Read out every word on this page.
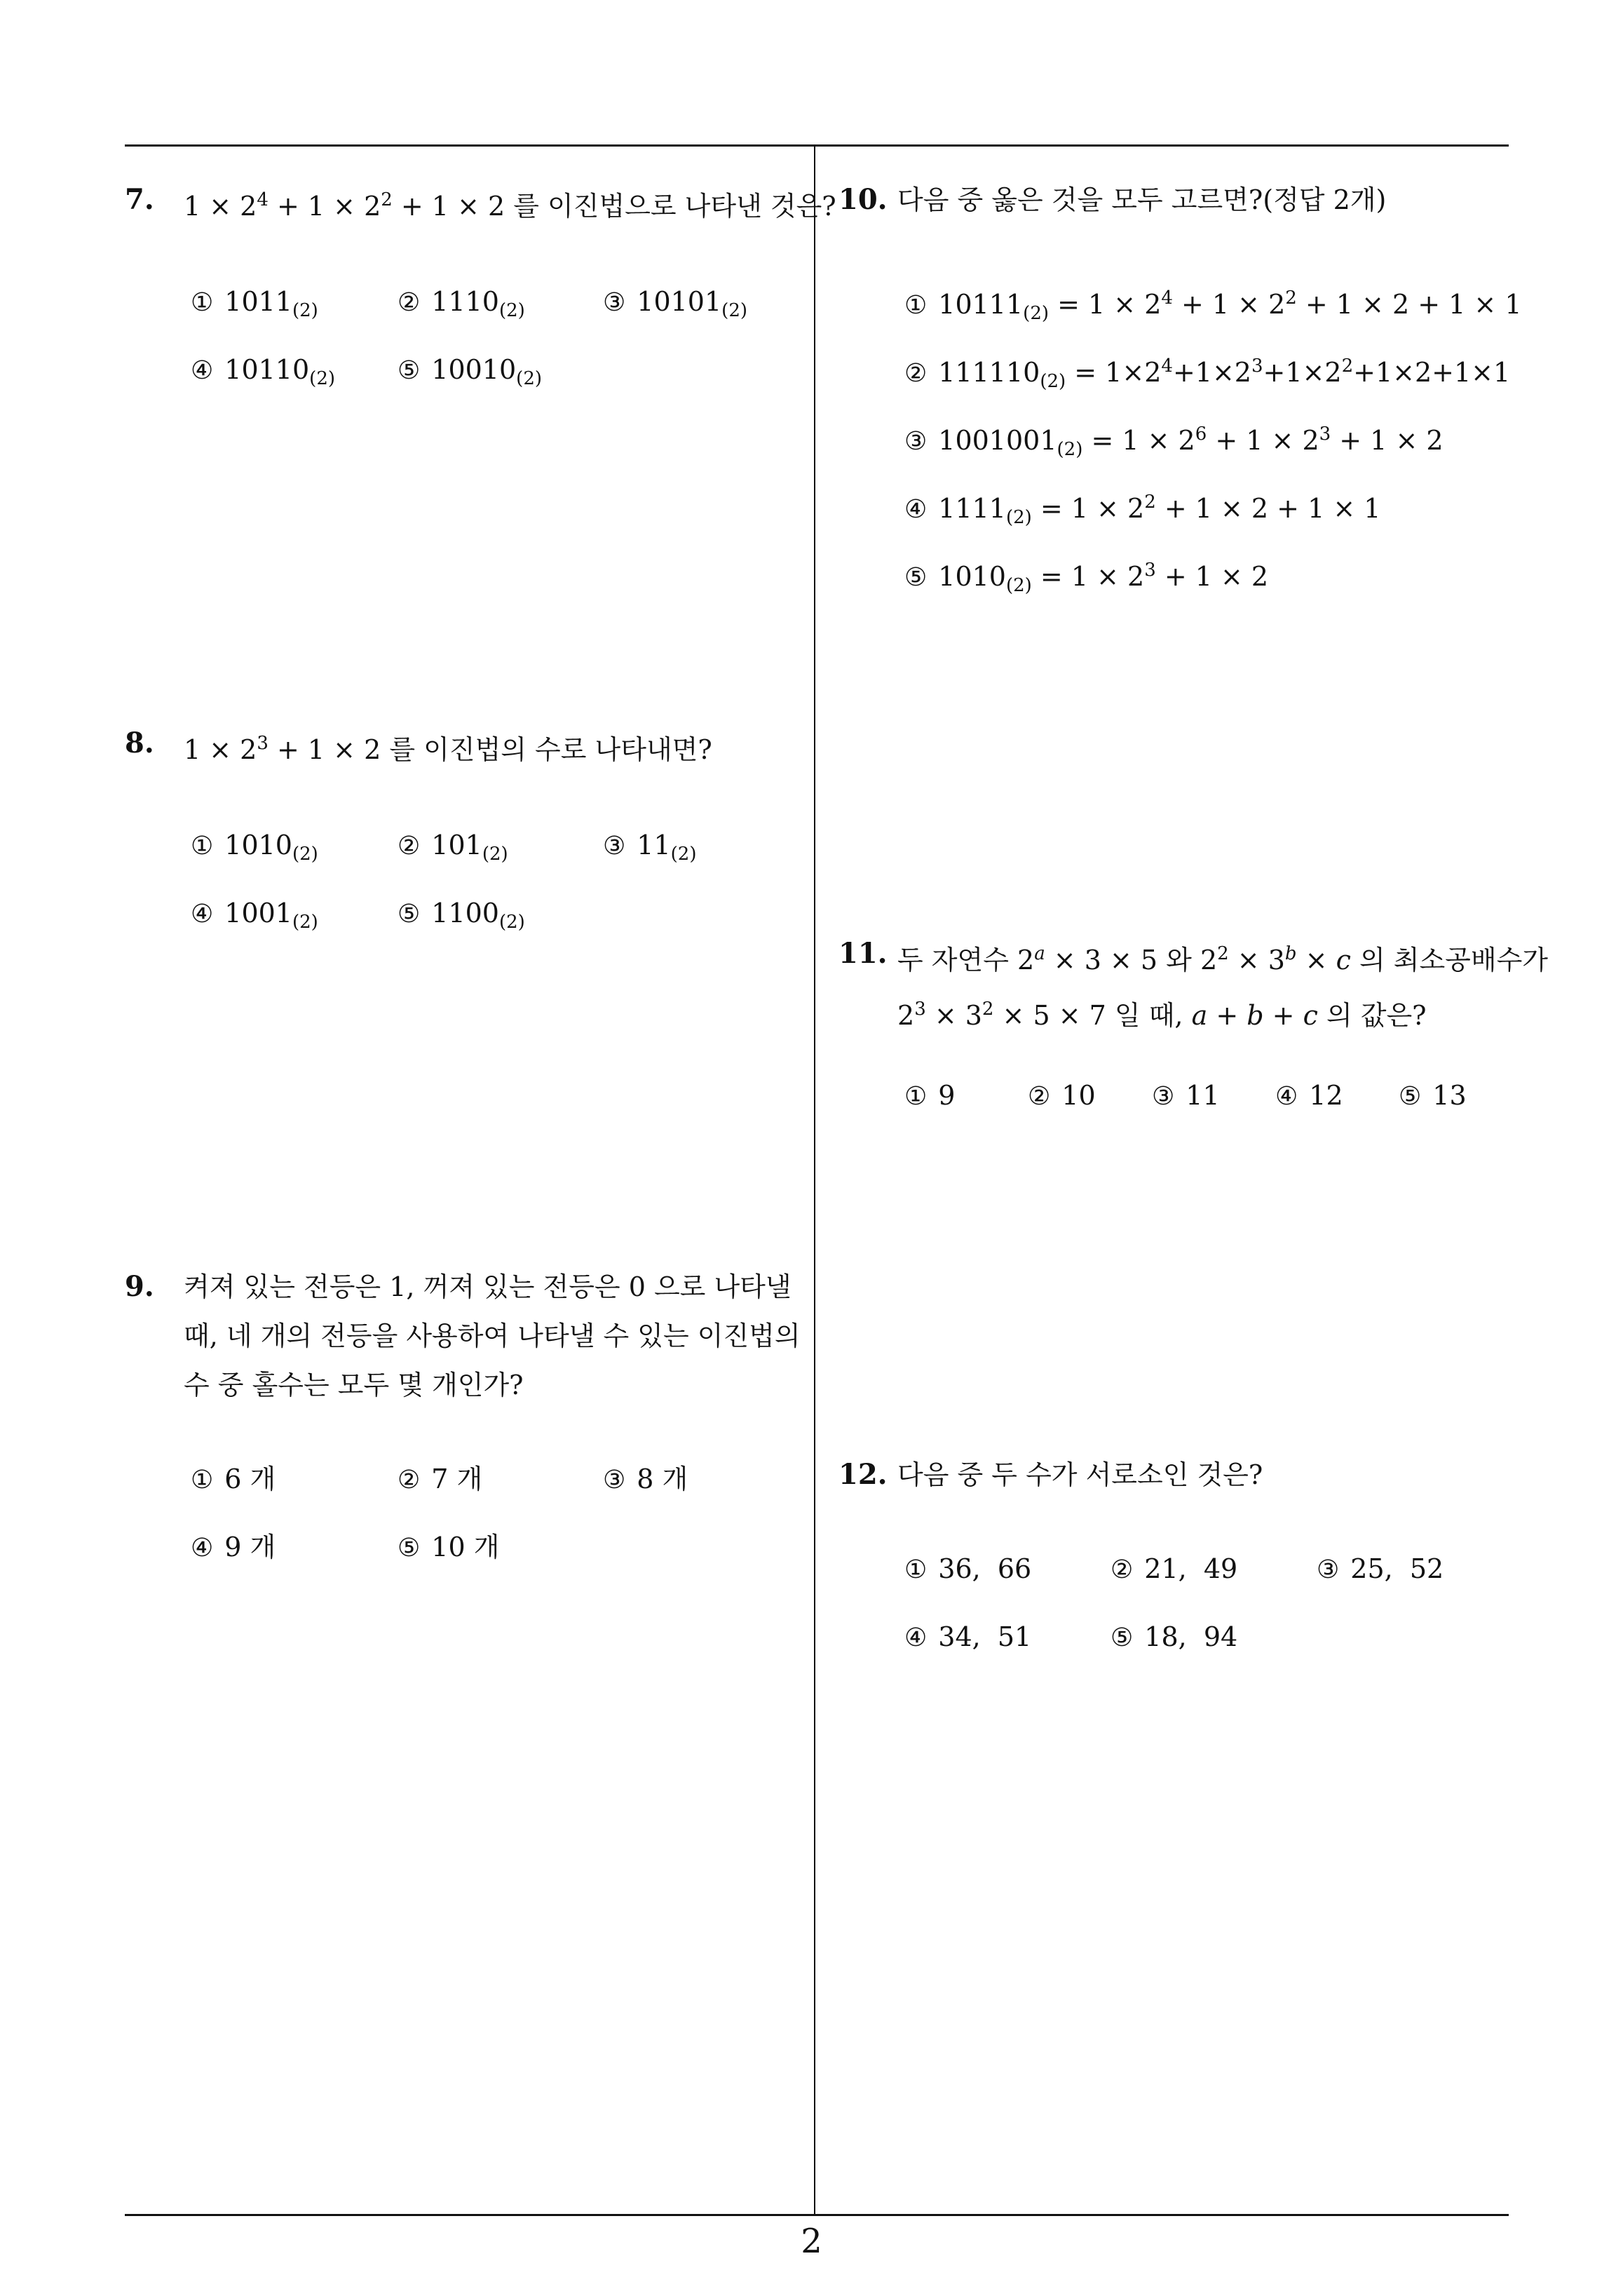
7. $1 \times 2^4 + 1 \times 2^2 + 1 \times 2$ 를 이진법으로 나타낸 것은?
① $1011_{(2)}$	② $1110_{(2)}$	③ $10101_{(2)}$
④ $10110_{(2)}$ ⑤ $10010_{(2)}$
8. $1 \times 2^3 + 1 \times 2$ 를 이진법의 수로 나타내면?
① $1010_{(2)}$	② $101_{(2)}$	③ $11_{(2)}$
④ $1001_{(2)}$	⑤ $1100_{(2)}$
9. 켜져 있는 전등은 1, 꺼져 있는 전등은 0 으로 나타낼
때, 네 개의 전등을 사용하여 나타낼 수 있는 이진법의
수 중 홀수는 모두 몇 개인가?
① 6 개	② 7 개	③ 8 개
④ 9 개	⑤ 10 개
10. 다음 중 옳은 것을 모두 고르면?(정답 2개)
① $10111_{(2)} = 1 \times 2^4 + 1 \times 2^2 + 1 \times 2 + 1 \times 1$
② $111110_{(2)} = 1\times 2^4+1\times 2^3+1\times 2^2+1\times 2+1\times 1$
③ $1001001_{(2)} = 1 \times 2^6 + 1 \times 2^3 + 1 \times 2$
④ $1111_{(2)} = 1 \times 2^2 + 1 \times 2 + 1 \times 1$
⑤ $1010_{(2)} = 1 \times 2^3 + 1 \times 2$
11. 두 자연수 $2^a \times 3 \times 5$ 와 $2^2 \times 3^b \times c$ 의 최소공배수가
$2^3 \times 3^2 \times 5 \times 7$ 일 때, a + b + c 의 값은?
① 9	② 10 ③ 11 ④ 12 ⑤ 13
12. 다음 중 두 수가 서로소인 것은?
① 36,  66	② 21,  49	③ 25,  52
④ 34,  51	⑤ 18,  94
2
